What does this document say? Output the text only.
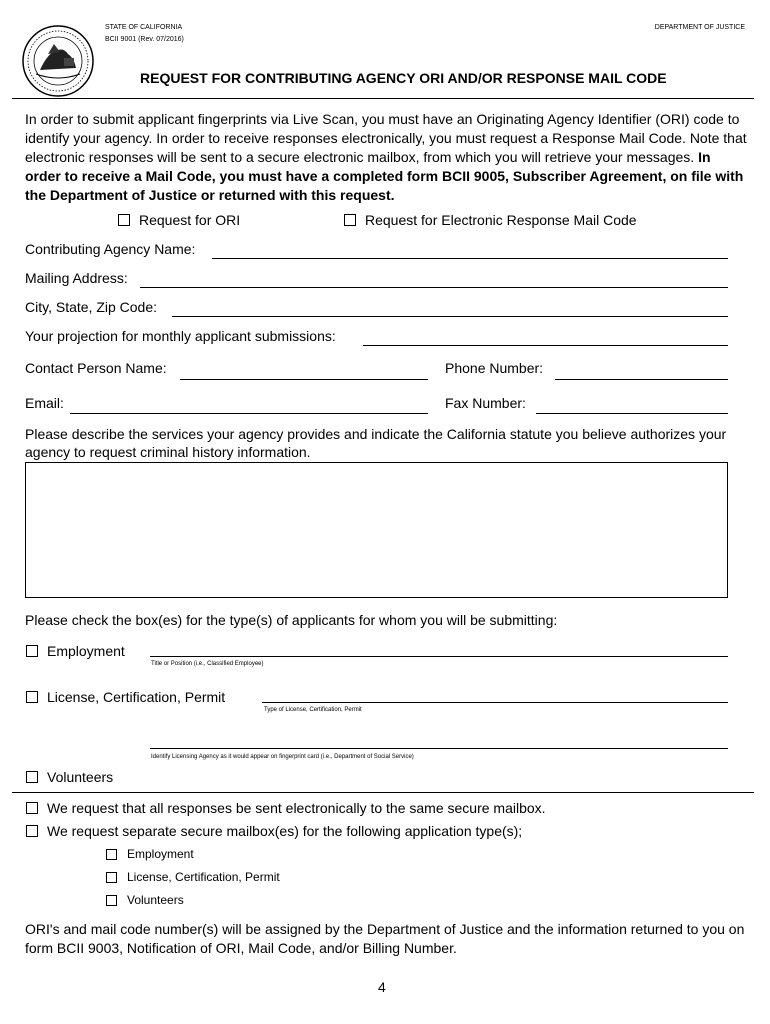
STATE OF CALIFORNIA
BCII 9001 (Rev. 07/2016)
DEPARTMENT OF JUSTICE
REQUEST FOR CONTRIBUTING AGENCY ORI AND/OR RESPONSE MAIL CODE
In order to submit applicant fingerprints via Live Scan, you must have an Originating Agency Identifier (ORI) code to identify your agency. In order to receive responses electronically, you must request a Response Mail Code. Note that electronic responses will be sent to a secure electronic mailbox, from which you will retrieve your messages. In order to receive a Mail Code, you must have a completed form BCII 9005, Subscriber Agreement, on file with the Department of Justice or returned with this request.
Request for ORI	Request for Electronic Response Mail Code
Contributing Agency Name:
Mailing Address:
City, State, Zip Code:
Your projection for monthly applicant submissions:
Contact Person Name:	Phone Number:
Email:	Fax Number:
Please describe the services your agency provides and indicate the California statute you believe authorizes your agency to request criminal history information.
Please check the box(es) for the type(s) of applicants for whom you will be submitting:
Employment
Title or Position (i.e., Classified Employee)
License, Certification, Permit
Type of License, Certification, Permit
Identify Licensing Agency as it would appear on fingerprint card (i.e., Department of Social Service)
Volunteers
We request that all responses be sent electronically to the same secure mailbox.
We request separate secure mailbox(es) for the following application type(s);
Employment
License, Certification, Permit
Volunteers
ORI's and mail code number(s) will be assigned by the Department of Justice and the information returned to you on form BCII 9003, Notification of ORI, Mail Code, and/or Billing Number.
4
